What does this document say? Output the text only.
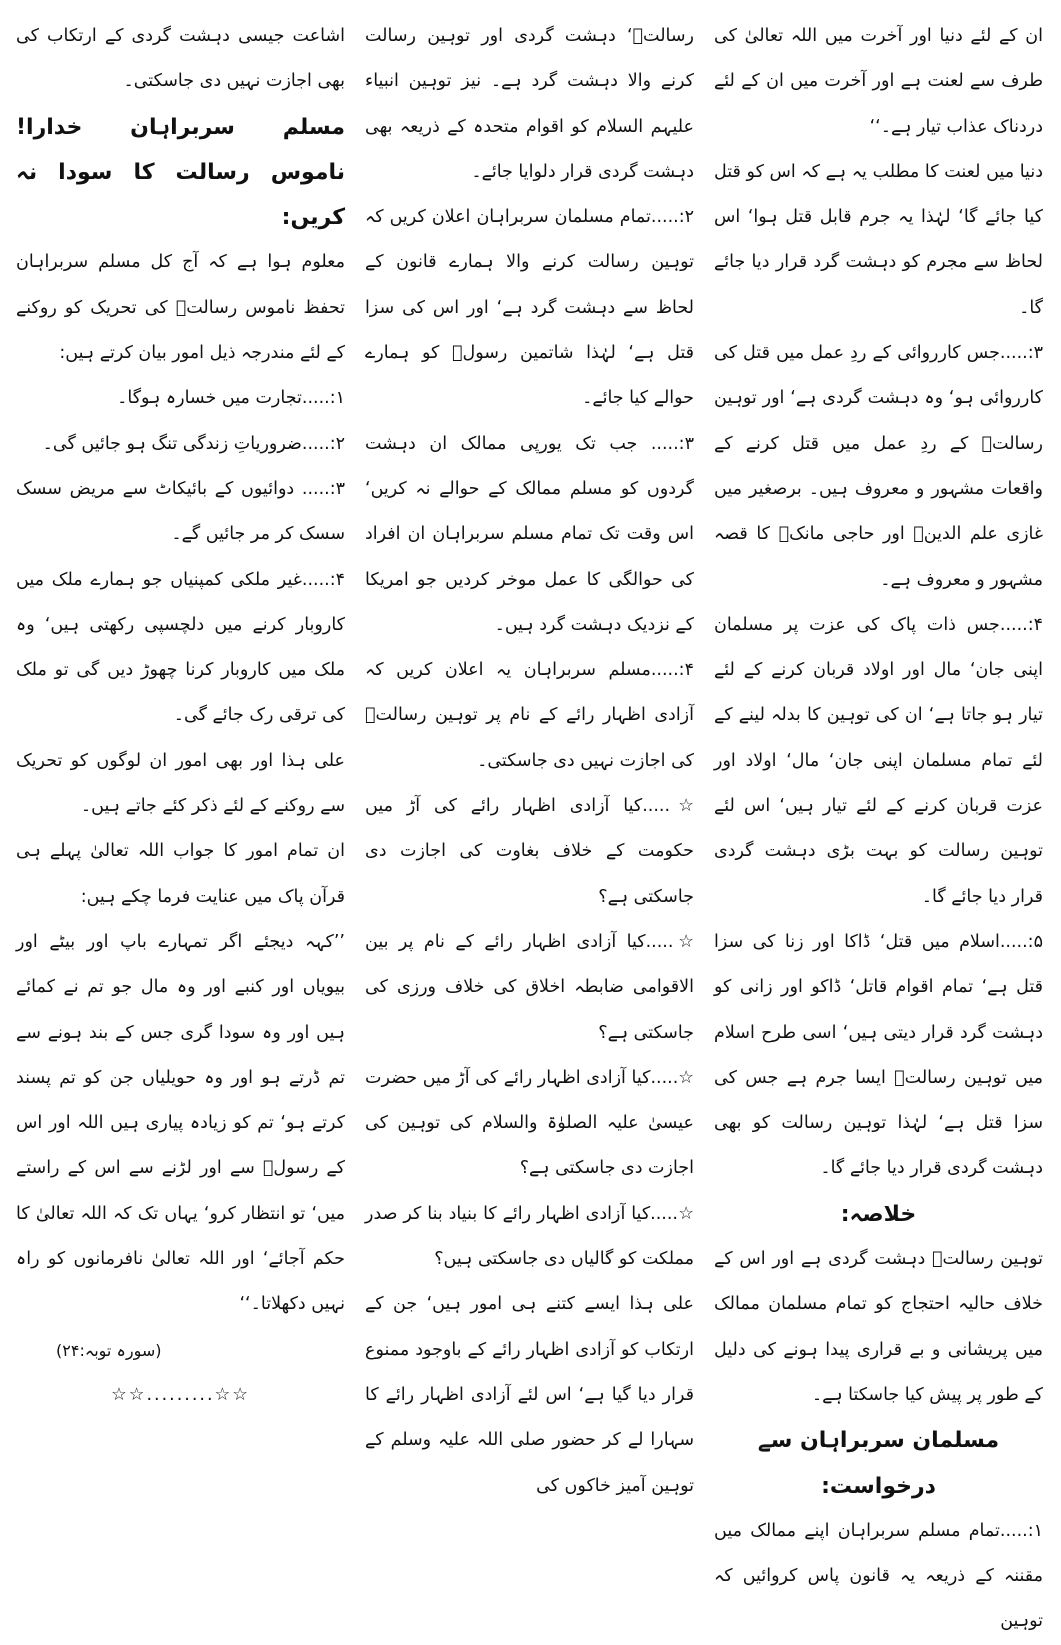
ان کے لئے دنیا اور آخرت میں اللہ تعالیٰ کی طرف سے لعنت ہے اور آخرت میں ان کے لئے دردناک عذاب تیار ہے۔‘‘

دنیا میں لعنت کا مطلب یہ ہے کہ اس کو قتل کیا جائے گا‘ لہٰذا یہ جرم قابل قتل ہوا‘ اس لحاظ سے مجرم کو دہشت گرد قرار دیا جائے گا۔

۳:.....جس کارروائی کے ردِ عمل میں قتل کی کارروائی ہو‘ وہ دہشت گردی ہے‘ اور توہین رسالتؐ کے ردِ عمل میں قتل کرنے کے واقعات مشہور و معروف ہیں۔ برصغیر میں غازی علم الدینؒ اور حاجی مانکؒ کا قصہ مشہور و معروف ہے۔

۴:.....جس ذات پاک کی عزت پر مسلمان اپنی جان‘ مال اور اولاد قربان کرنے کے لئے تیار ہو جاتا ہے‘ ان کی توہین کا بدلہ لینے کے لئے تمام مسلمان اپنی جان‘ مال‘ اولاد اور عزت قربان کرنے کے لئے تیار ہیں‘ اس لئے توہین رسالت کو بہت بڑی دہشت گردی قرار دیا جائے گا۔

۵:.....اسلام میں قتل‘ ڈاکا اور زنا کی سزا قتل ہے‘ تمام اقوام قاتل‘ ڈاکو اور زانی کو دہشت گرد قرار دیتی ہیں‘ اسی طرح اسلام میں توہین رسالتؐ ایسا جرم ہے جس کی سزا قتل ہے‘ لہٰذا توہین رسالت کو بھی دہشت گردی قرار دیا جائے گا۔

خلاصہ:

توہین رسالتؐ دہشت گردی ہے اور اس کے خلاف حالیہ احتجاج کو تمام مسلمان ممالک میں پریشانی و بے قراری پیدا ہونے کی دلیل کے طور پر پیش کیا جاسکتا ہے۔

مسلمان سربراہان سے درخواست:

۱:.....تمام مسلم سربراہان اپنے ممالک میں مقننہ کے ذریعہ یہ قانون پاس کروائیں کہ توہین

رسالتؐ‘ دہشت گردی اور توہین رسالت کرنے والا دہشت گرد ہے۔ نیز توہین انبیاء علیہم السلام کو اقوام متحدہ کے ذریعہ بھی دہشت گردی قرار دلوایا جائے۔

۲:.....تمام مسلمان سربراہان اعلان کریں کہ توہین رسالت کرنے والا ہمارے قانون کے لحاظ سے دہشت گرد ہے‘ اور اس کی سزا قتل ہے‘ لہٰذا شاتمین رسولؐ کو ہمارے حوالے کیا جائے۔

۳:..... جب تک یورپی ممالک ان دہشت گردوں کو مسلم ممالک کے حوالے نہ کریں‘ اس وقت تک تمام مسلم سربراہان ان افراد کی حوالگی کا عمل موخر کردیں جو امریکا کے نزدیک دہشت گرد ہیں۔

۴:.....مسلم سربراہان یہ اعلان کریں کہ آزادی اظہار رائے کے نام پر توہین رسالتؐ کی اجازت نہیں دی جاسکتی۔

☆.....کیا آزادی اظہار رائے کی آڑ میں حکومت کے خلاف بغاوت کی اجازت دی جاسکتی ہے؟

☆.....کیا آزادی اظہار رائے کے نام پر بین الاقوامی ضابطہ اخلاق کی خلاف ورزی کی جاسکتی ہے؟

☆.....کیا آزادی اظہار رائے کی آڑ میں حضرت عیسیٰ علیہ الصلوٰۃ والسلام کی توہین کی اجازت دی جاسکتی ہے؟

☆.....کیا آزادی اظہار رائے کا بنیاد بنا کر صدر مملکت کو گالیاں دی جاسکتی ہیں؟

علی ہذا ایسے کتنے ہی امور ہیں‘ جن کے ارتکاب کو آزادی اظہار رائے کے باوجود ممنوع قرار دیا گیا ہے‘ اس لئے آزادی اظہار رائے کا سہارا لے کر حضور صلی اللہ علیہ وسلم کے توہین آمیز خاکوں کی

اشاعت جیسی دہشت گردی کے ارتکاب کی بھی اجازت نہیں دی جاسکتی۔

مسلم سربراہان خدارا! ناموس رسالت کا سودا نہ کریں:

معلوم ہوا ہے کہ آج کل مسلم سربراہان تحفظ ناموس رسالتؐ کی تحریک کو روکنے کے لئے مندرجہ ذیل امور بیان کرتے ہیں:

۱:.....تجارت میں خسارہ ہوگا۔

۲:.....ضروریاتِ زندگی تنگ ہو جائیں گی۔

۳:..... دوائیوں کے بائیکاٹ سے مریض سسک سسک کر مر جائیں گے۔

۴:.....غیر ملکی کمپنیاں جو ہمارے ملک میں کاروبار کرنے میں دلچسپی رکھتی ہیں‘ وہ ملک میں کاروبار کرنا چھوڑ دیں گی تو ملک کی ترقی رک جائے گی۔

علی ہذا اور بھی امور ان لوگوں کو تحریک سے روکنے کے لئے ذکر کئے جاتے ہیں۔

ان تمام امور کا جواب اللہ تعالیٰ پہلے ہی قرآن پاک میں عنایت فرما چکے ہیں:

’’کہہ دیجئے اگر تمہارے باپ اور بیٹے اور بیویاں اور کنبے اور وہ مال جو تم نے کمائے ہیں اور وہ سودا گری جس کے بند ہونے سے تم ڈرتے ہو اور وہ حویلیاں جن کو تم پسند کرتے ہو‘ تم کو زیادہ پیاری ہیں اللہ اور اس کے رسولؐ سے اور لڑنے سے اس کے راستے میں‘ تو انتظار کرو‘ یہاں تک کہ اللہ تعالیٰ کا حکم آجائے‘ اور اللہ تعالیٰ نافرمانوں کو راہ نہیں دکھلاتا۔‘‘

(سورہ توبہ:۲۴)

☆☆.........☆☆
